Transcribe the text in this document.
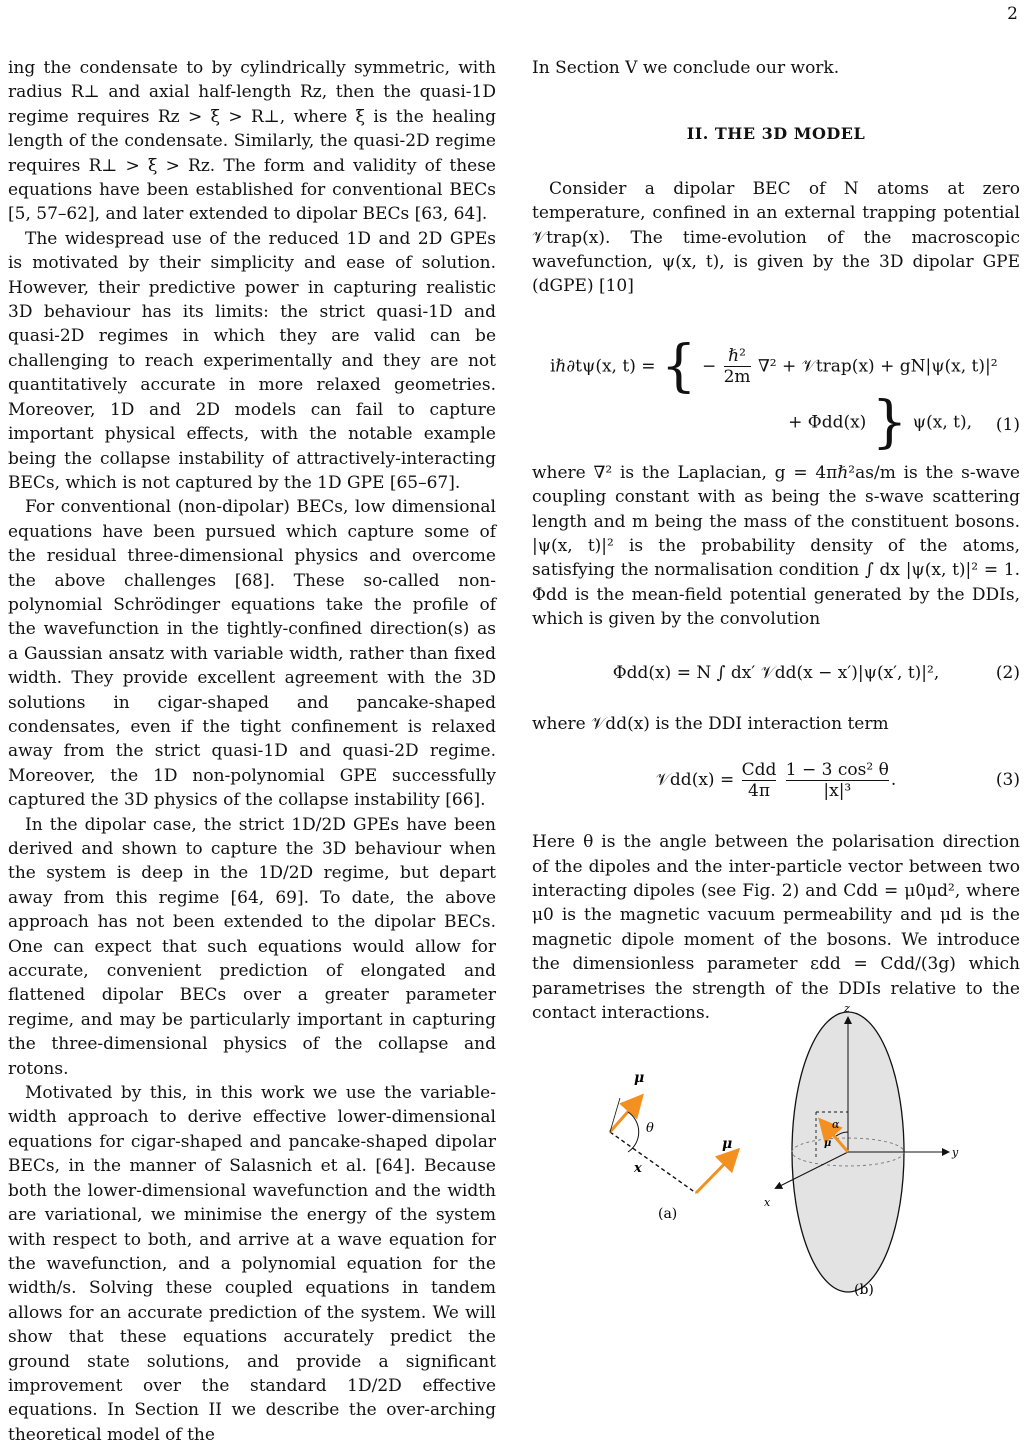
2

ing the condensate to by cylindrically symmetric, with radius R⊥ and axial half-length Rz, then the quasi-1D regime requires Rz > ξ > R⊥, where ξ is the healing length of the condensate. Similarly, the quasi-2D regime requires R⊥ > ξ > Rz. The form and validity of these equations have been established for conventional BECs [5, 57–62], and later extended to dipolar BECs [63, 64].

The widespread use of the reduced 1D and 2D GPEs is motivated by their simplicity and ease of solution. However, their predictive power in capturing realistic 3D behaviour has its limits: the strict quasi-1D and quasi-2D regimes in which they are valid can be challenging to reach experimentally and they are not quantitatively accurate in more relaxed geometries. Moreover, 1D and 2D models can fail to capture important physical effects, with the notable example being the collapse instability of attractively-interacting BECs, which is not captured by the 1D GPE [65–67].

For conventional (non-dipolar) BECs, low dimensional equations have been pursued which capture some of the residual three-dimensional physics and overcome the above challenges [68]. These so-called non-polynomial Schrödinger equations take the profile of the wavefunction in the tightly-confined direction(s) as a Gaussian ansatz with variable width, rather than fixed width. They provide excellent agreement with the 3D solutions in cigar-shaped and pancake-shaped condensates, even if the tight confinement is relaxed away from the strict quasi-1D and quasi-2D regime. Moreover, the 1D non-polynomial GPE successfully captured the 3D physics of the collapse instability [66].

In the dipolar case, the strict 1D/2D GPEs have been derived and shown to capture the 3D behaviour when the system is deep in the 1D/2D regime, but depart away from this regime [64, 69]. To date, the above approach has not been extended to the dipolar BECs. One can expect that such equations would allow for accurate, convenient prediction of elongated and flattened dipolar BECs over a greater parameter regime, and may be particularly important in capturing the three-dimensional physics of the collapse and rotons.

Motivated by this, in this work we use the variable-width approach to derive effective lower-dimensional equations for cigar-shaped and pancake-shaped dipolar BECs, in the manner of Salasnich et al. [64]. Because both the lower-dimensional wavefunction and the width are variational, we minimise the energy of the system with respect to both, and arrive at a wave equation for the wavefunction, and a polynomial equation for the width/s. Solving these coupled equations in tandem allows for an accurate prediction of the system. We will show that these equations accurately predict the ground state solutions, and provide a significant improvement over the standard 1D/2D effective equations. In Section II we describe the over-arching theoretical model of the

In Section V we conclude our work.

II. THE 3D MODEL

Consider a dipolar BEC of N atoms at zero temperature, confined in an external trapping potential 𝒱trap(x). The time-evolution of the macroscopic wavefunction, ψ(x, t), is given by the 3D dipolar GPE (dGPE) [10]

iℏ∂tψ(x, t) = { − $\frac{\text{ℏ²}}{2m} \nabla^2$ + 𝒱trap(x) + gN|ψ(x, t)|²
+ Φdd(x) } ψ(x, t), (1)

where ∇² is the Laplacian, g = 4πℏ²as/m is the s-wave coupling constant with as being the s-wave scattering length and m being the mass of the constituent bosons. |ψ(x, t)|² is the probability density of the atoms, satisfying the normalisation condition ∫ dx |ψ(x, t)|² = 1. Φdd is the mean-field potential generated by the DDIs, which is given by the convolution

Φdd(x) = N ∫ dx′ 𝒱dd(x − x′)|ψ(x′, t)|²,	(2)

where 𝒱dd(x) is the DDI interaction term

𝒱dd(x) = $\frac{\text{Cdd}}{4\pi}$
$\frac{\text{1 − 3 cos² θ}}{\text{|x|³}}$ .	(3)

Here θ is the angle between the polarisation direction of the dipoles and the inter-particle vector between two interacting dipoles (see Fig. 2) and Cdd = μ0μd², where μ0 is the magnetic vacuum permeability and μd is the magnetic dipole moment of the bosons. We introduce the dimensionless parameter εdd = Cdd/(3g) which parametrises the strength of the DDIs relative to the contact interactions.

μ
θ
μ
x
(a)
z
y
x
α
μ
(b)
